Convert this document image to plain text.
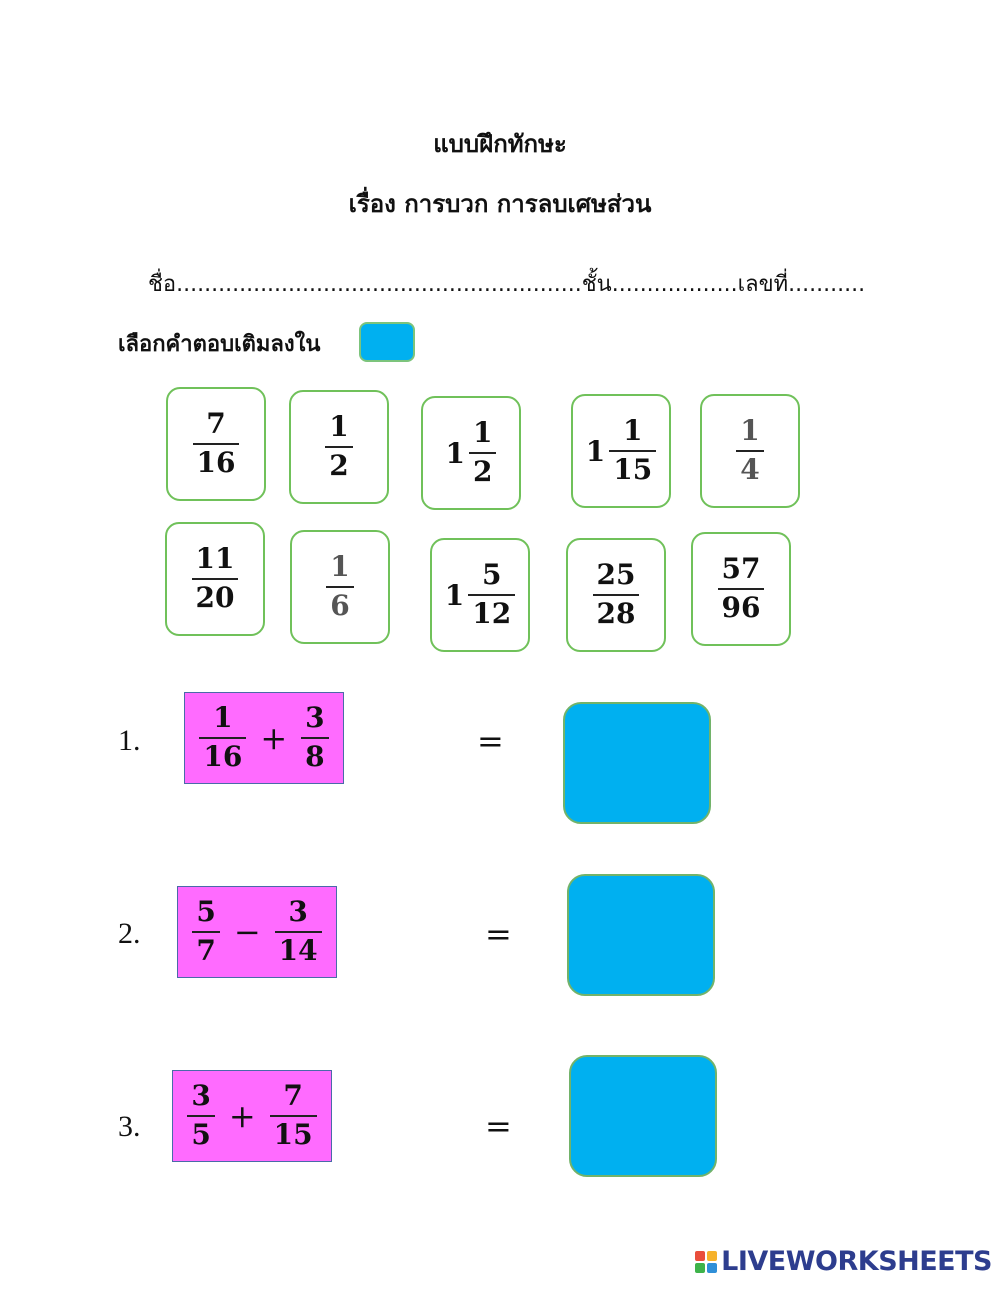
แบบฝึกทักษะ
เรื่อง การบวก การลบเศษส่วน
ชื่อ..........................................................ชั้น..................เลขที่...........
เลือกคำตอบเติมลงใน
$\frac{7}{16}$	$\frac{1}{2}$	$1 \frac{1}{2}$	$1 \frac{1}{15}$	$\frac{1}{4}$
$\frac{11}{20}$	$\frac{1}{6}$	$1 \frac{5}{12}$	$\frac{25}{28}$	$\frac{57}{96}$
1. $\frac{1}{16} + \frac{3}{8}$	=
2. $\frac{5}{7} - \frac{3}{14}$	=
3. $\frac{3}{5} + \frac{7}{15}$	=
LIVEWORKSHEETS
